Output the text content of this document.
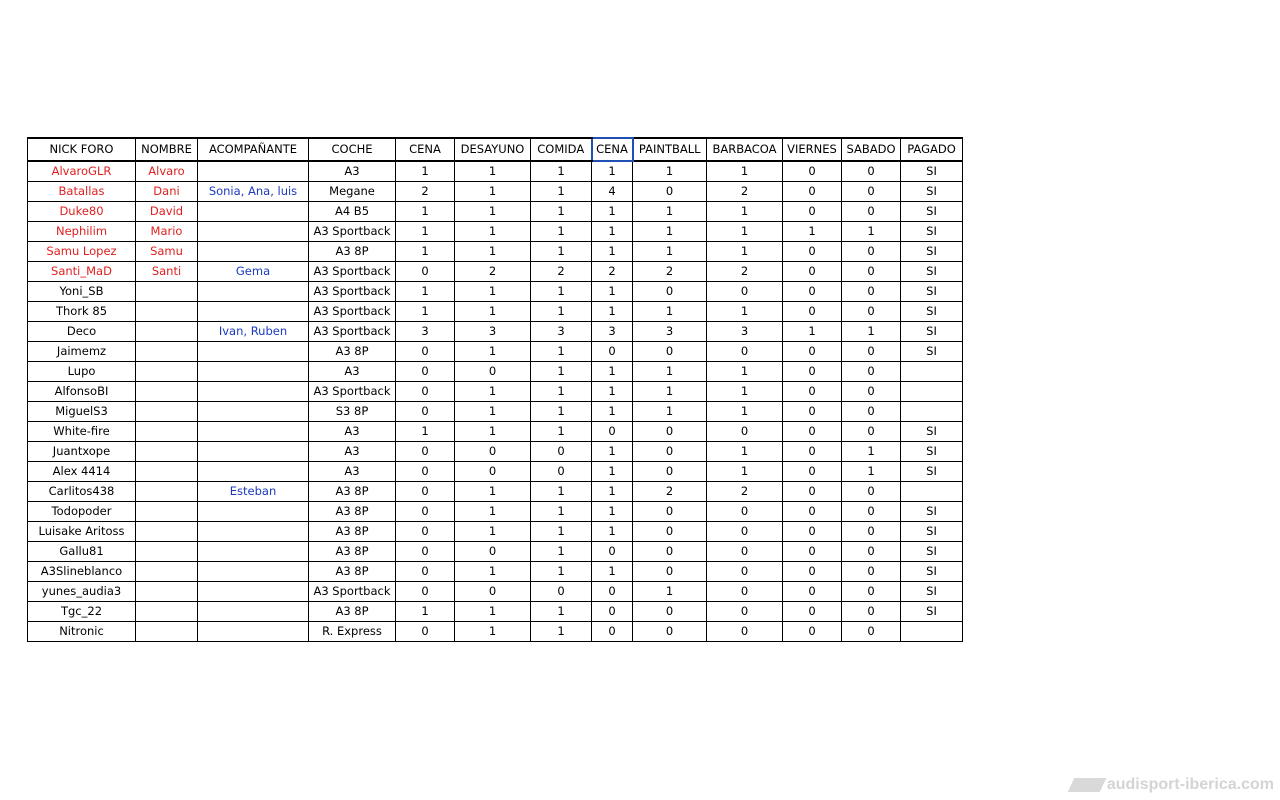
NICK FORO	NOMBRE	ACOMPAÑANTE	COCHE	CENA	DESAYUNO	COMIDA	CENA	PAINTBALL	BARBACOA	VIERNES	SABADO	PAGADO
AlvaroGLR	Alvaro		A3	1	1	1	1	1	1	0	0	SI
Batallas	Dani	Sonia, Ana, luis	Megane	2	1	1	4	0	2	0	0	SI
Duke80	David		A4 B5	1	1	1	1	1	1	0	0	SI
Nephilim	Mario		A3 Sportback	1	1	1	1	1	1	1	1	SI
Samu Lopez	Samu		A3 8P	1	1	1	1	1	1	0	0	SI
Santi_MaD	Santi	Gema	A3 Sportback	0	2	2	2	2	2	0	0	SI
Yoni_SB			A3 Sportback	1	1	1	1	0	0	0	0	SI
Thork 85			A3 Sportback	1	1	1	1	1	1	0	0	SI
Deco		Ivan, Ruben	A3 Sportback	3	3	3	3	3	3	1	1	SI
Jaimemz			A3 8P	0	1	1	0	0	0	0	0	SI
Lupo			A3	0	0	1	1	1	1	0	0	
AlfonsoBI			A3 Sportback	0	1	1	1	1	1	0	0	
MiguelS3			S3 8P	0	1	1	1	1	1	0	0	
White-fire			A3	1	1	1	0	0	0	0	0	SI
Juantxope			A3	0	0	0	1	0	1	0	1	SI
Alex 4414			A3	0	0	0	1	0	1	0	1	SI
Carlitos438		Esteban	A3 8P	0	1	1	1	2	2	0	0	
Todopoder			A3 8P	0	1	1	1	0	0	0	0	SI
Luisake Aritoss			A3 8P	0	1	1	1	0	0	0	0	SI
Gallu81			A3 8P	0	0	1	0	0	0	0	0	SI
A3Slineblanco			A3 8P	0	1	1	1	0	0	0	0	SI
yunes_audia3			A3 Sportback	0	0	0	0	1	0	0	0	SI
Tgc_22			A3 8P	1	1	1	0	0	0	0	0	SI
Nitronic			R. Express	0	1	1	0	0	0	0	0	
audisport-iberica.com
